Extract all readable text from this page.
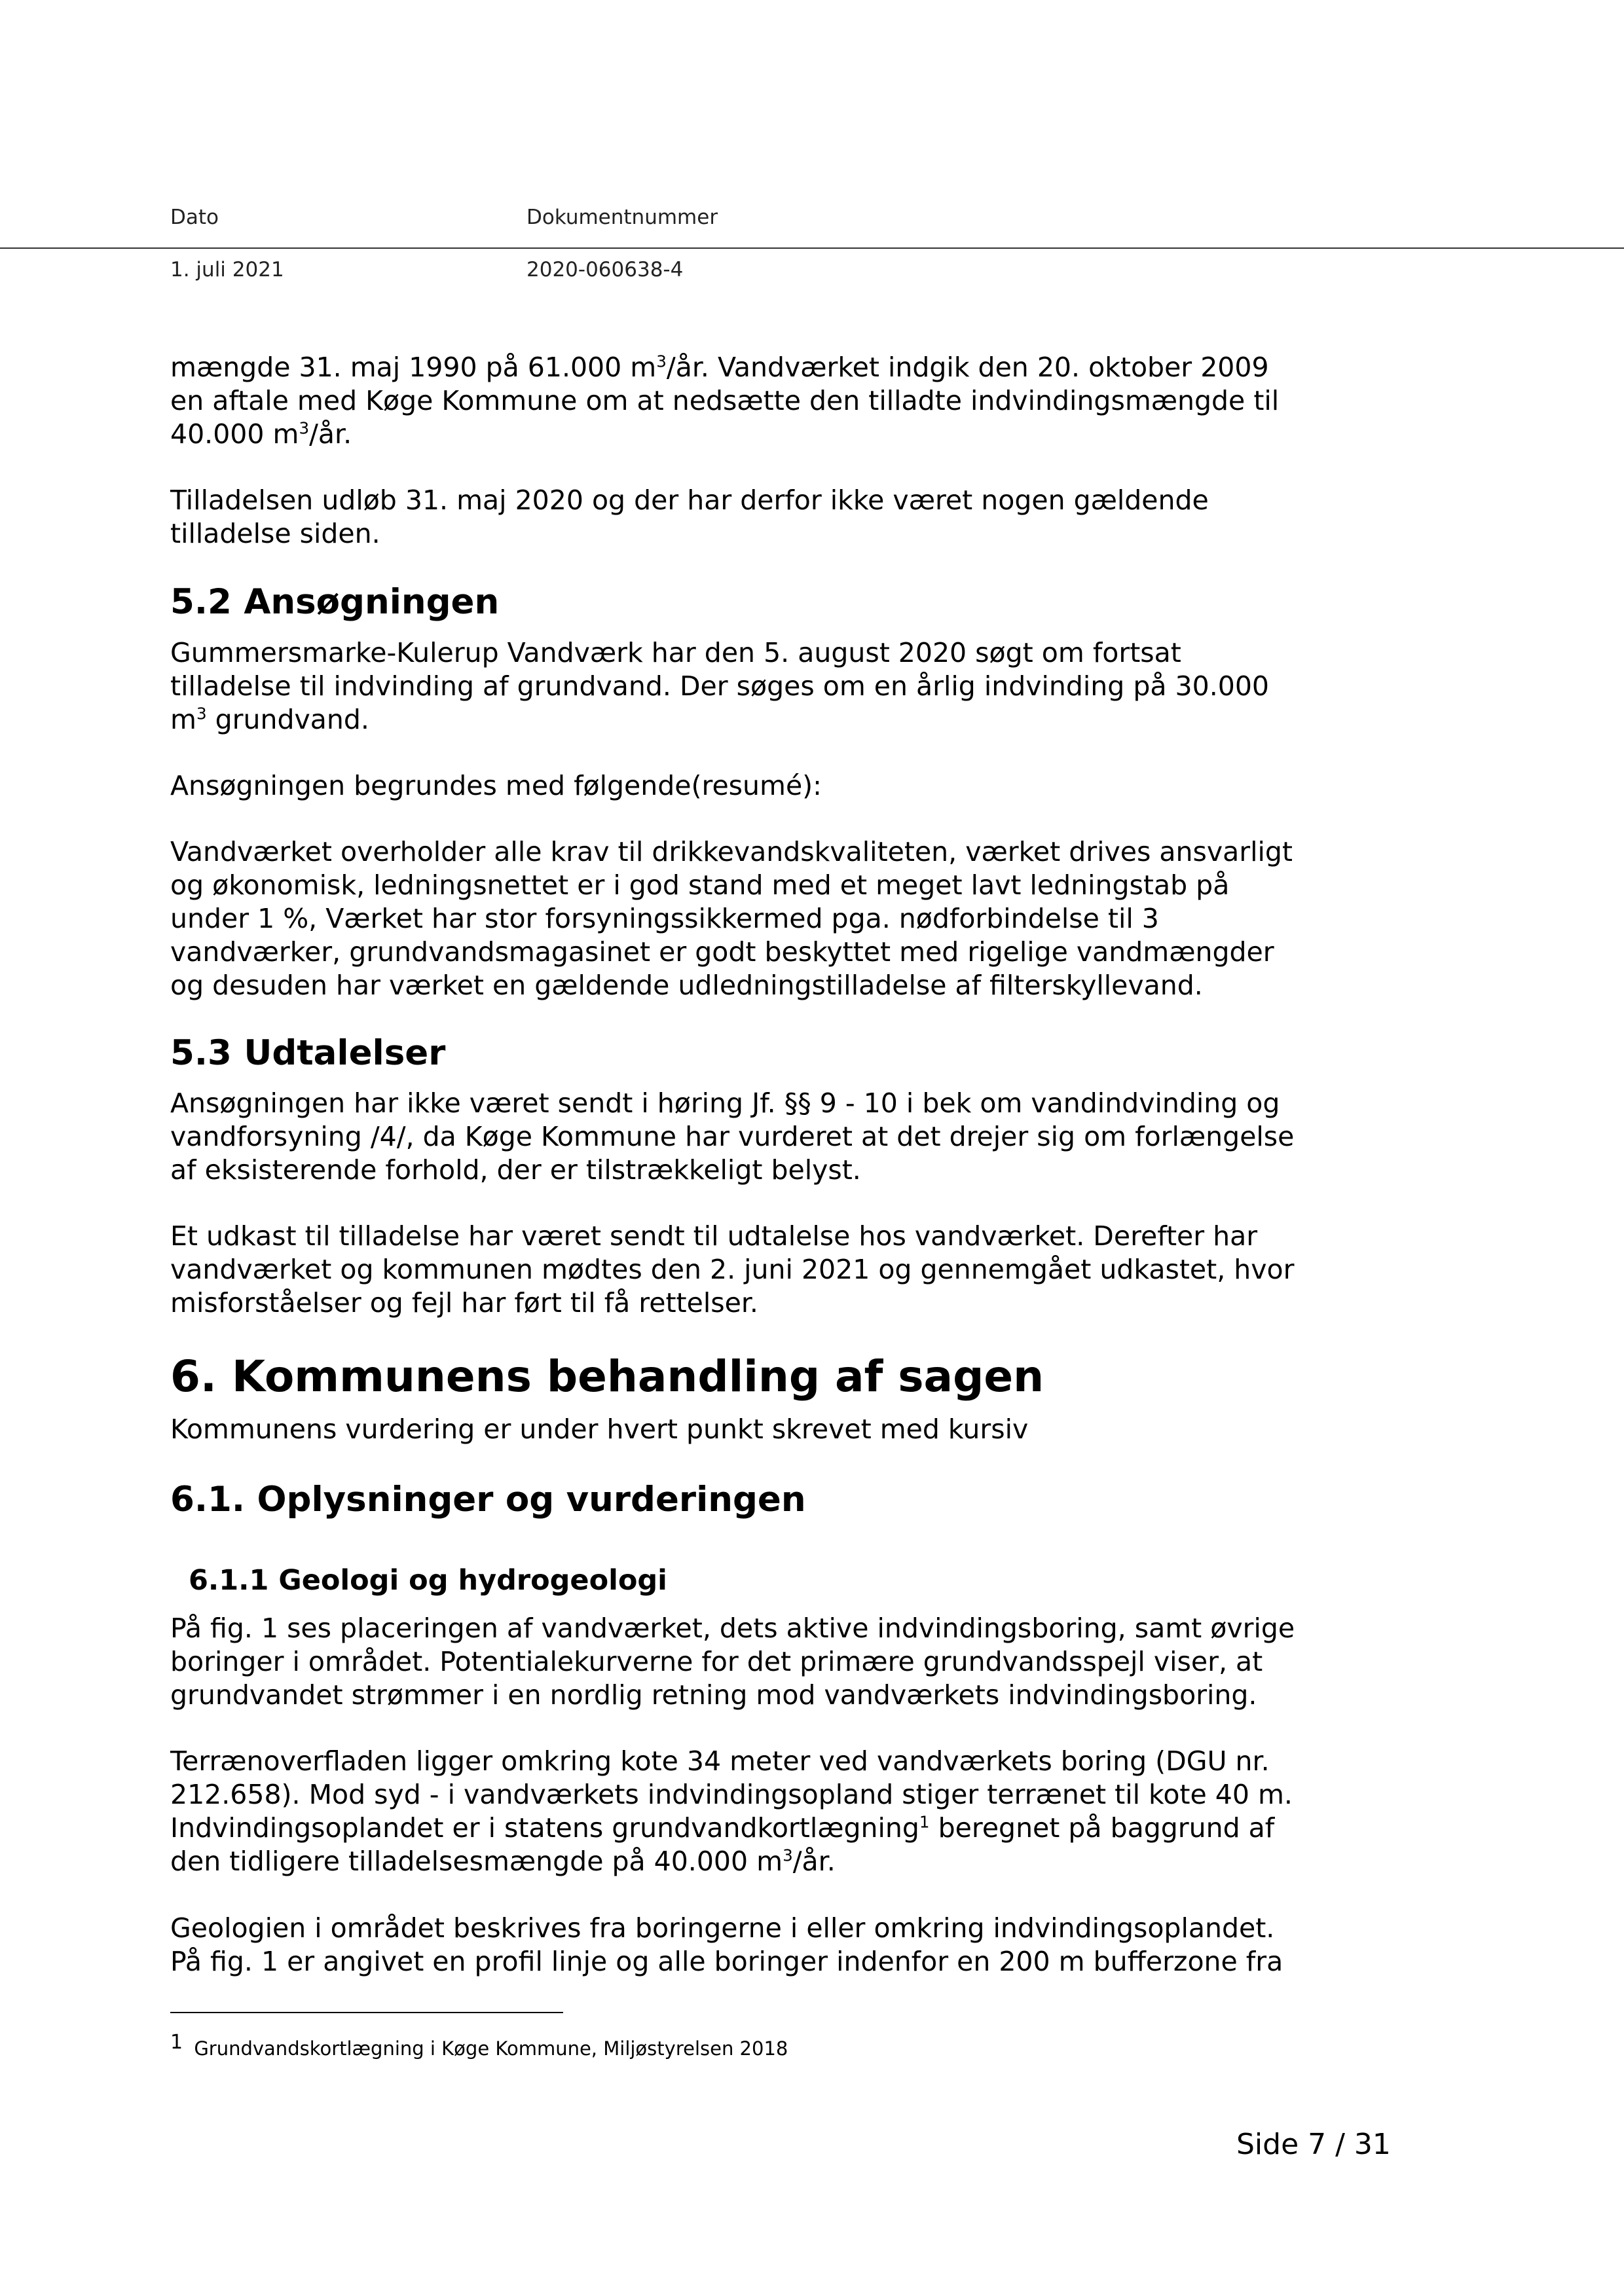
Dato	Dokumentnummer
1. juli 2021	2020-060638-4

mængde 31. maj 1990 på 61.000 $m^3/år$. Vandværket indgik den 20. oktober 2009
en aftale med Køge Kommune om at nedsætte den tilladte indvindingsmængde til
40.000 $m^3/år$.

Tilladelsen udløb 31. maj 2020 og der har derfor ikke været nogen gældende
tilladelse siden.

5.2 Ansøgningen

Gummersmarke-Kulerup Vandværk har den 5. august 2020 søgt om fortsat
tilladelse til indvinding af grundvand. Der søges om en årlig indvinding på 30.000
$m^3$ grundvand.

Ansøgningen begrundes med følgende(resumé):

Vandværket overholder alle krav til drikkevandskvaliteten, værket drives ansvarligt
og økonomisk, ledningsnettet er i god stand med et meget lavt ledningstab på
under 1 %, Værket har stor forsyningssikkermed pga. nødforbindelse til 3
vandværker, grundvandsmagasinet er godt beskyttet med rigelige vandmængder
og desuden har værket en gældende udledningstilladelse af filterskyllevand.

5.3 Udtalelser

Ansøgningen har ikke været sendt i høring Jf. §§ 9 - 10 i bek om vandindvinding og
vandforsyning /4/, da Køge Kommune har vurderet at det drejer sig om forlængelse
af eksisterende forhold, der er tilstrækkeligt belyst.

Et udkast til tilladelse har været sendt til udtalelse hos vandværket. Derefter har
vandværket og kommunen mødtes den 2. juni 2021 og gennemgået udkastet, hvor
misforståelser og fejl har ført til få rettelser.

6. Kommunens behandling af sagen

Kommunens vurdering er under hvert punkt skrevet med kursiv

6.1. Oplysninger og vurderingen
6.1.1 Geologi og hydrogeologi

På fig. 1 ses placeringen af vandværket, dets aktive indvindingsboring, samt øvrige
boringer i området. Potentialekurverne for det primære grundvandsspejl viser, at
grundvandet strømmer i en nordlig retning mod vandværkets indvindingsboring.

Terrænoverfladen ligger omkring kote 34 meter ved vandværkets boring (DGU nr.
212.658). Mod syd - i vandværkets indvindingsopland stiger terrænet til kote 40 m.
Indvindingsoplandet er i statens grundvandkortlægning$^1$ beregnet på baggrund af
den tidligere tilladelsesmængde på 40.000 $m^3/år$.

Geologien i området beskrives fra boringerne i eller omkring indvindingsoplandet.
På fig. 1 er angivet en profil linje og alle boringer indenfor en 200 m bufferzone fra

$^1$ Grundvandskortlægning i Køge Kommune, Miljøstyrelsen 2018
Side 7 / 31
